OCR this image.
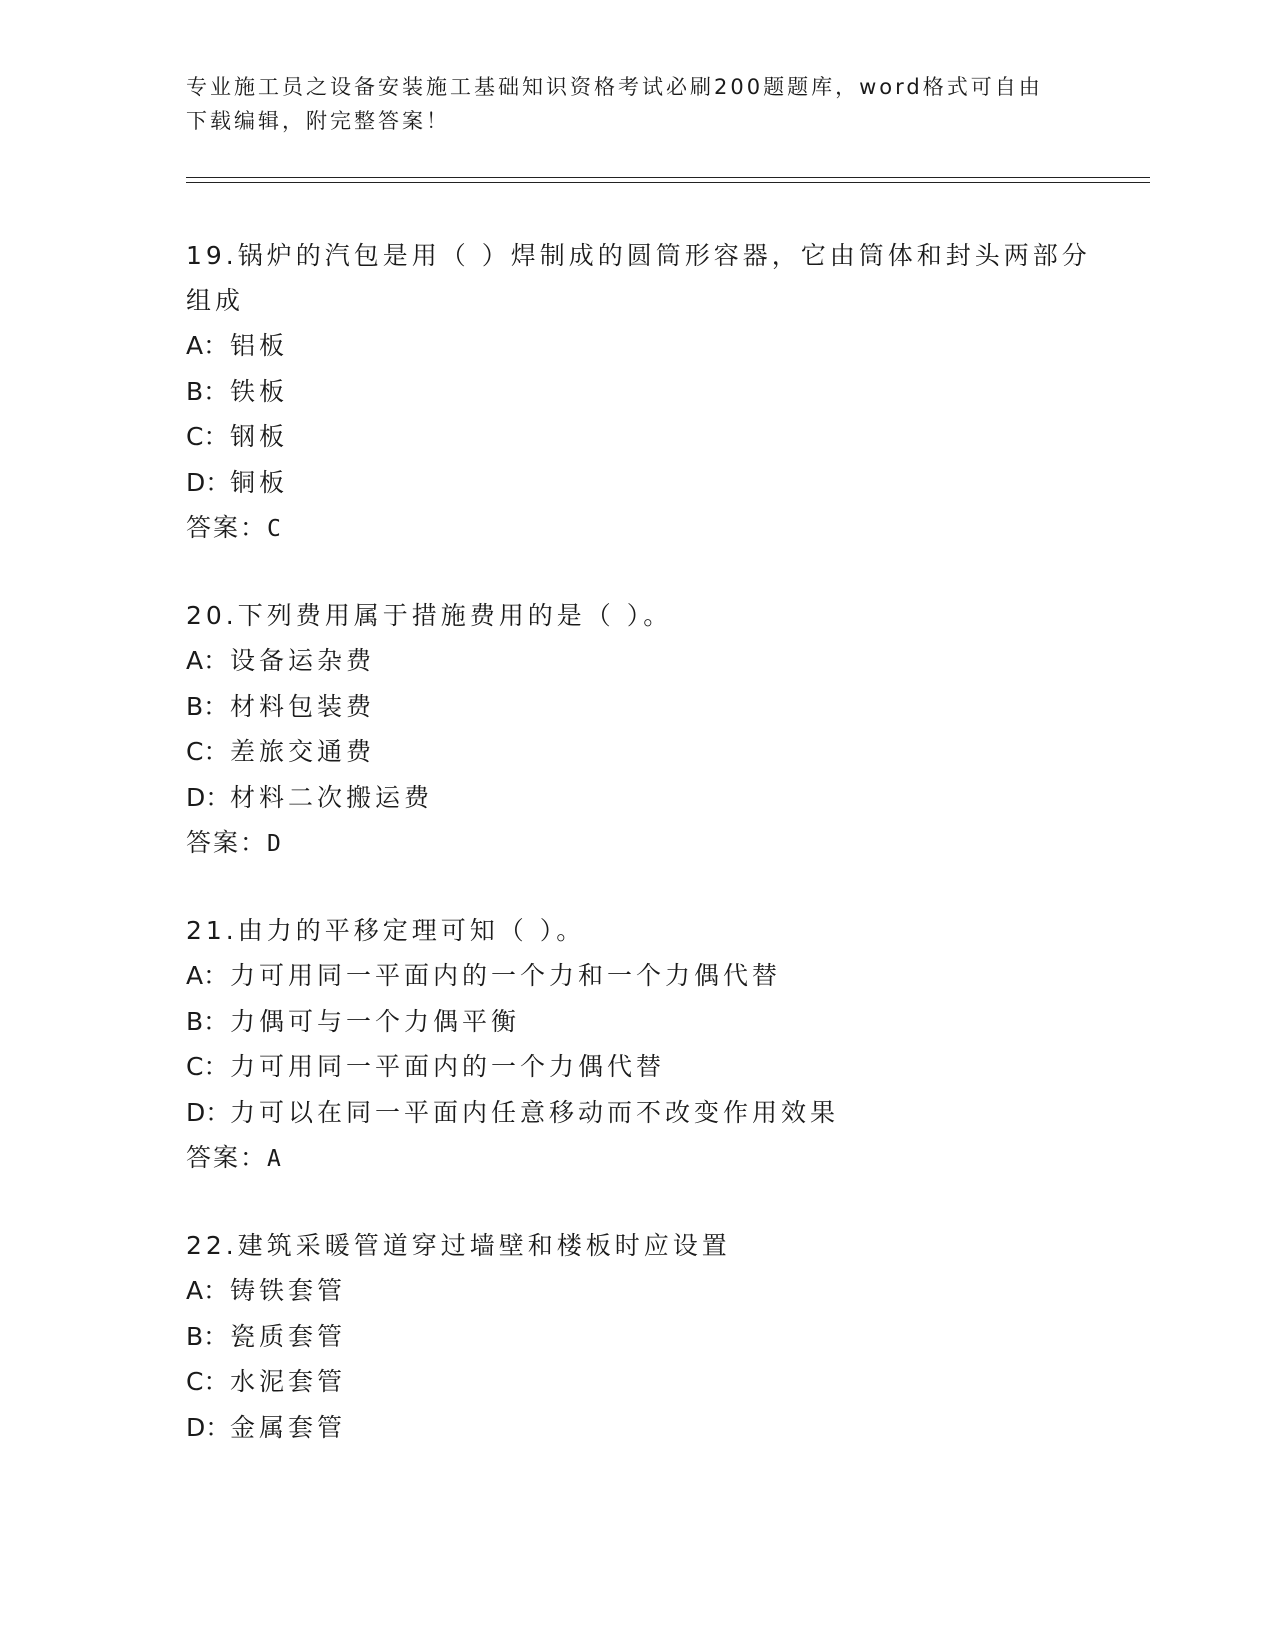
专业施工员之设备安装施工基础知识资格考试必刷200题题库，word格式可自由下载编辑，附完整答案！

19.锅炉的汽包是用（ ）焊制成的圆筒形容器，它由筒体和封头两部分组成

A：铝板
B：铁板
C：钢板
D：铜板
答案：C

20.下列费用属于措施费用的是（ ）。

A：设备运杂费
B：材料包装费
C：差旅交通费
D：材料二次搬运费
答案：D

21.由力的平移定理可知（ ）。

A：力可用同一平面内的一个力和一个力偶代替
B：力偶可与一个力偶平衡
C：力可用同一平面内的一个力偶代替
D：力可以在同一平面内任意移动而不改变作用效果
答案：A

22.建筑采暖管道穿过墙壁和楼板时应设置

A：铸铁套管
B：瓷质套管
C：水泥套管
D：金属套管
